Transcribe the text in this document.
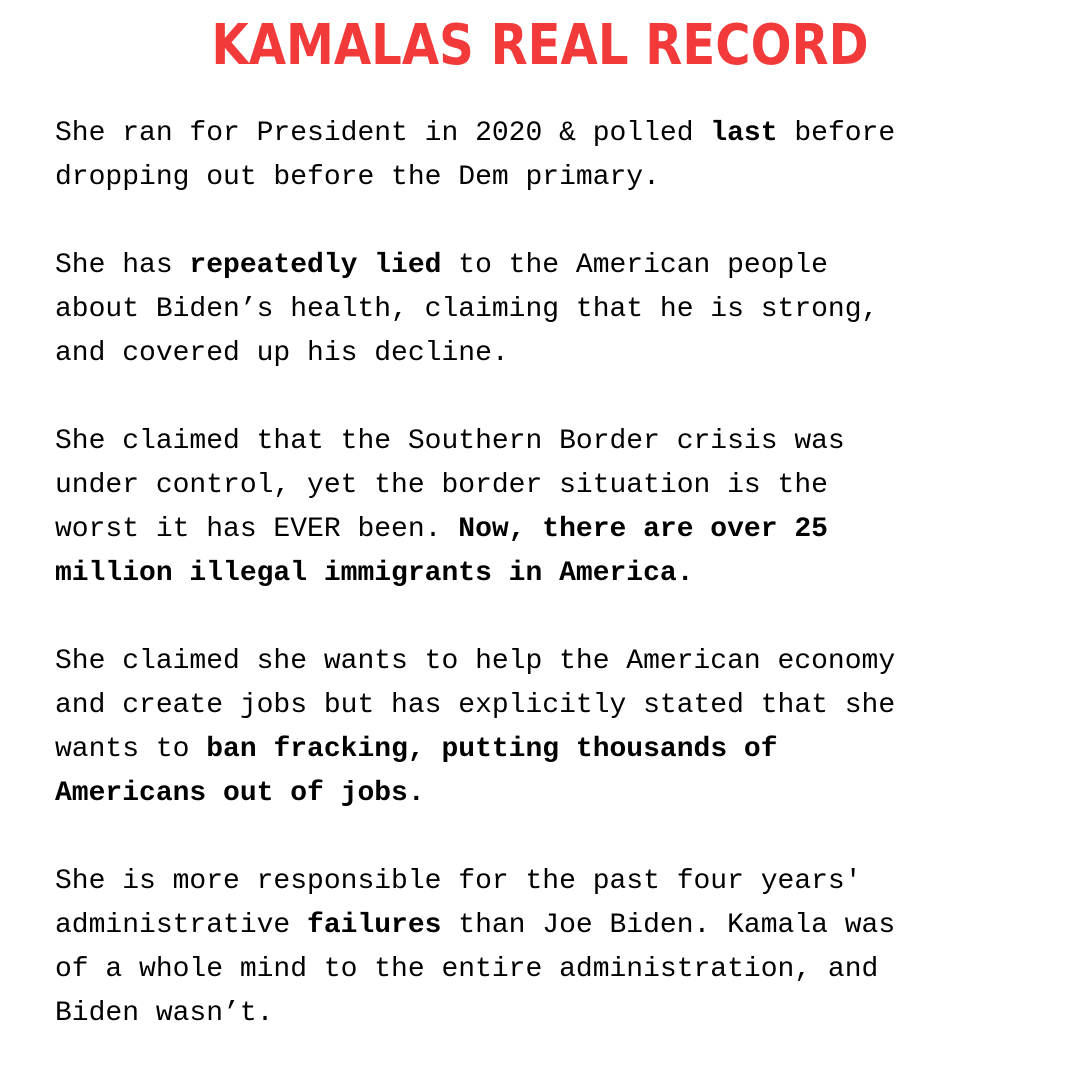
KAMALAS REAL RECORD
She ran for President in 2020 & polled last before
dropping out before the Dem primary.
She has repeatedly lied to the American people
about Biden’s health, claiming that he is strong,
and covered up his decline.
She claimed that the Southern Border crisis was
under control, yet the border situation is the
worst it has EVER been. Now, there are over 25
million illegal immigrants in America.
She claimed she wants to help the American economy
and create jobs but has explicitly stated that she
wants to ban fracking, putting thousands of
Americans out of jobs.
She is more responsible for the past four years'
administrative failures than Joe Biden. Kamala was
of a whole mind to the entire administration, and
Biden wasn’t.
